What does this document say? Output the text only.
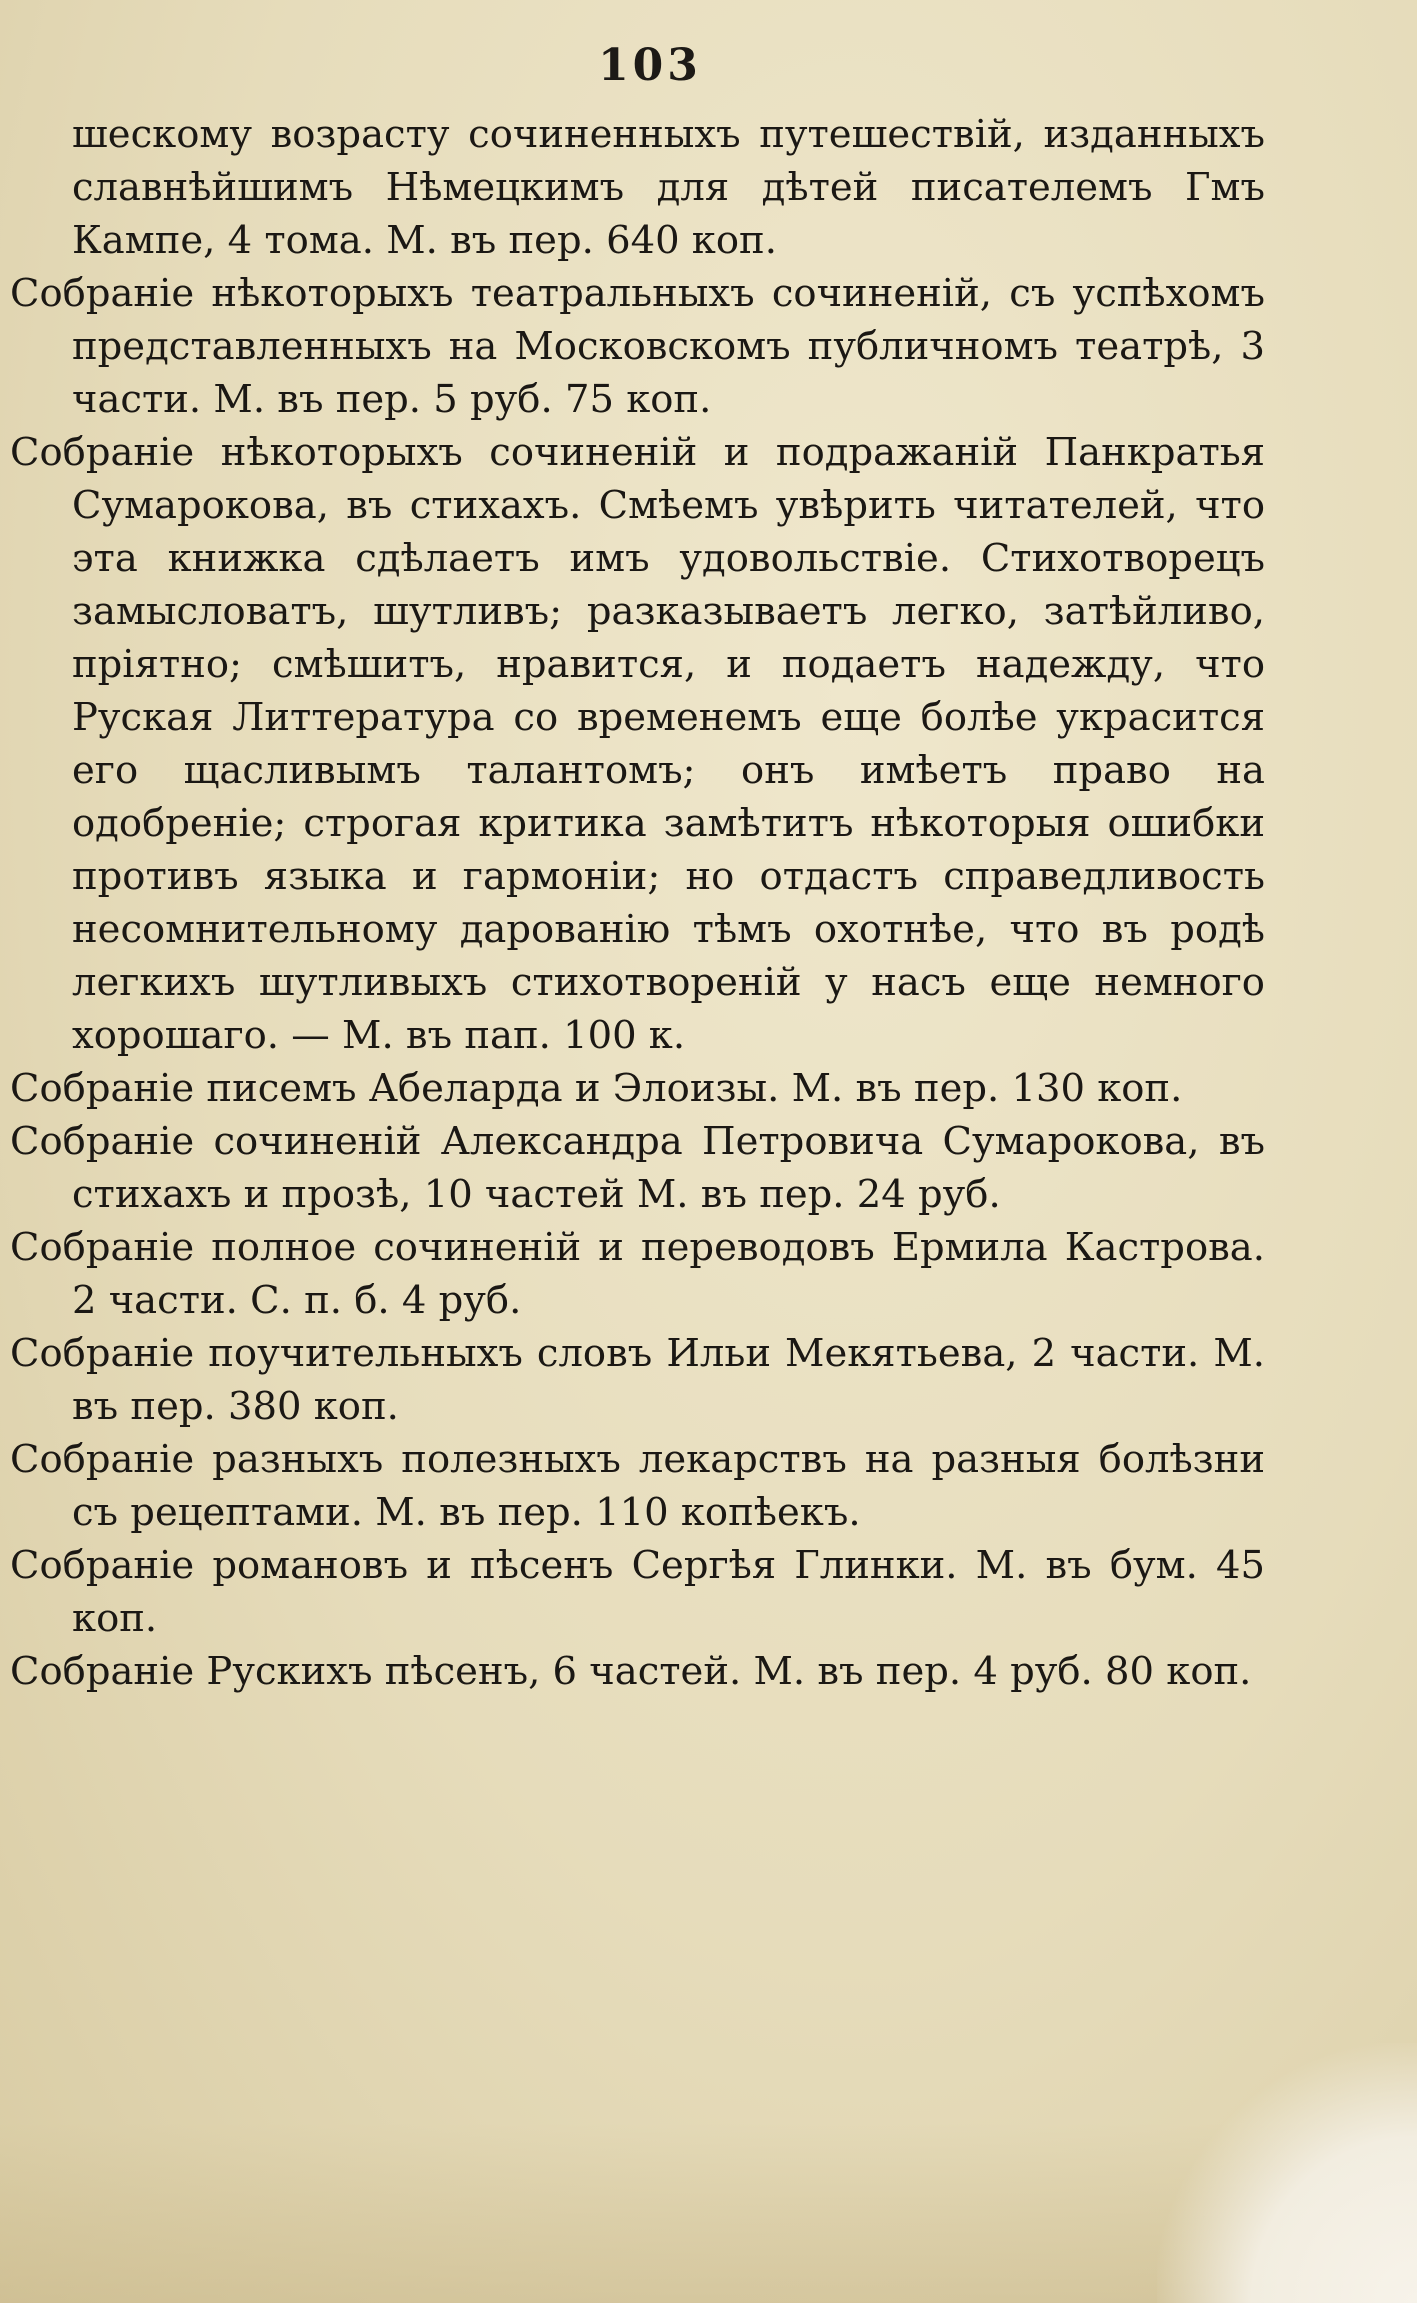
103

шескому возрасту сочиненныхъ путешествій, изданныхъ славнѣйшимъ Нѣмецкимъ для дѣтей писателемъ Гмъ Кампе, 4 тома. М. въ пер. 640 коп.

Собраніе нѣкоторыхъ театральныхъ сочиненій, съ успѣхомъ представленныхъ на Московскомъ публичномъ театрѣ, 3 части. М. въ пер. 5 руб. 75 коп.

Собраніе нѣкоторыхъ сочиненій и подражаній Панкратья Сумарокова, въ стихахъ. Смѣемъ увѣрить читателей, что эта книжка сдѣлаетъ имъ удовольствіе. Стихотворецъ замысловатъ, шутливъ; разказываетъ легко, затѣйливо, пріятно; смѣшитъ, нравится, и подаетъ надежду, что Руская Литтература со временемъ еще болѣе украсится его щасливымъ талантомъ; онъ имѣетъ право на одобреніе; строгая критика замѣтитъ нѣкоторыя ошибки противъ языка и гармоніи; но отдастъ справедливость несомнительному дарованію тѣмъ охотнѣе, что въ родѣ легкихъ шутливыхъ стихотвореній у насъ еще немного хорошаго. — М. въ пап. 100 к.

Собраніе писемъ Абеларда и Элоизы. М. въ пер. 130 коп.

Собраніе сочиненій Александра Петровича Сумарокова, въ стихахъ и прозѣ, 10 частей М. въ пер. 24 руб.

Собраніе полное сочиненій и переводовъ Ермила Кастрова. 2 части. С. п. б. 4 руб.

Собраніе поучительныхъ словъ Ильи Мекятьева, 2 части. М. въ пер. 380 коп.

Собраніе разныхъ полезныхъ лекарствъ на разныя болѣзни съ рецептами. М. въ пер. 110 копѣекъ.

Собраніе романовъ и пѣсенъ Сергѣя Глинки. М. въ бум. 45 коп.

Собраніе Рускихъ пѣсенъ, 6 частей. М. въ пер. 4 руб. 80 коп.
